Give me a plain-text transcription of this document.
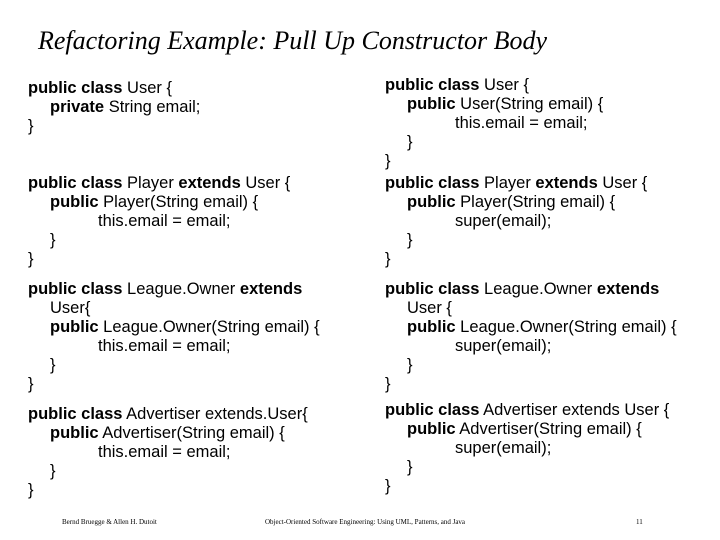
Refactoring Example: Pull Up Constructor Body
public class User {
private String email;
}
public class Player extends User {
public Player(String email) {
this.email = email;
}
}
public class League.Owner extends
User{
public League.Owner(String email) {
this.email = email;
}
}
public class Advertiser extends.User{
public Advertiser(String email) {
this.email = email;
}
}
public class User {
public User(String email) {
this.email = email;
}
}
public class Player extends User {
public Player(String email) {
super(email);
}
}
public class League.Owner extends
User {
public League.Owner(String email) {
super(email);
}
}
public class Advertiser extends User {
public Advertiser(String email) {
super(email);
}
}
Bernd Bruegge & Allen H. Dutoit	Object-Oriented Software Engineering: Using UML, Patterns, and Java	11
